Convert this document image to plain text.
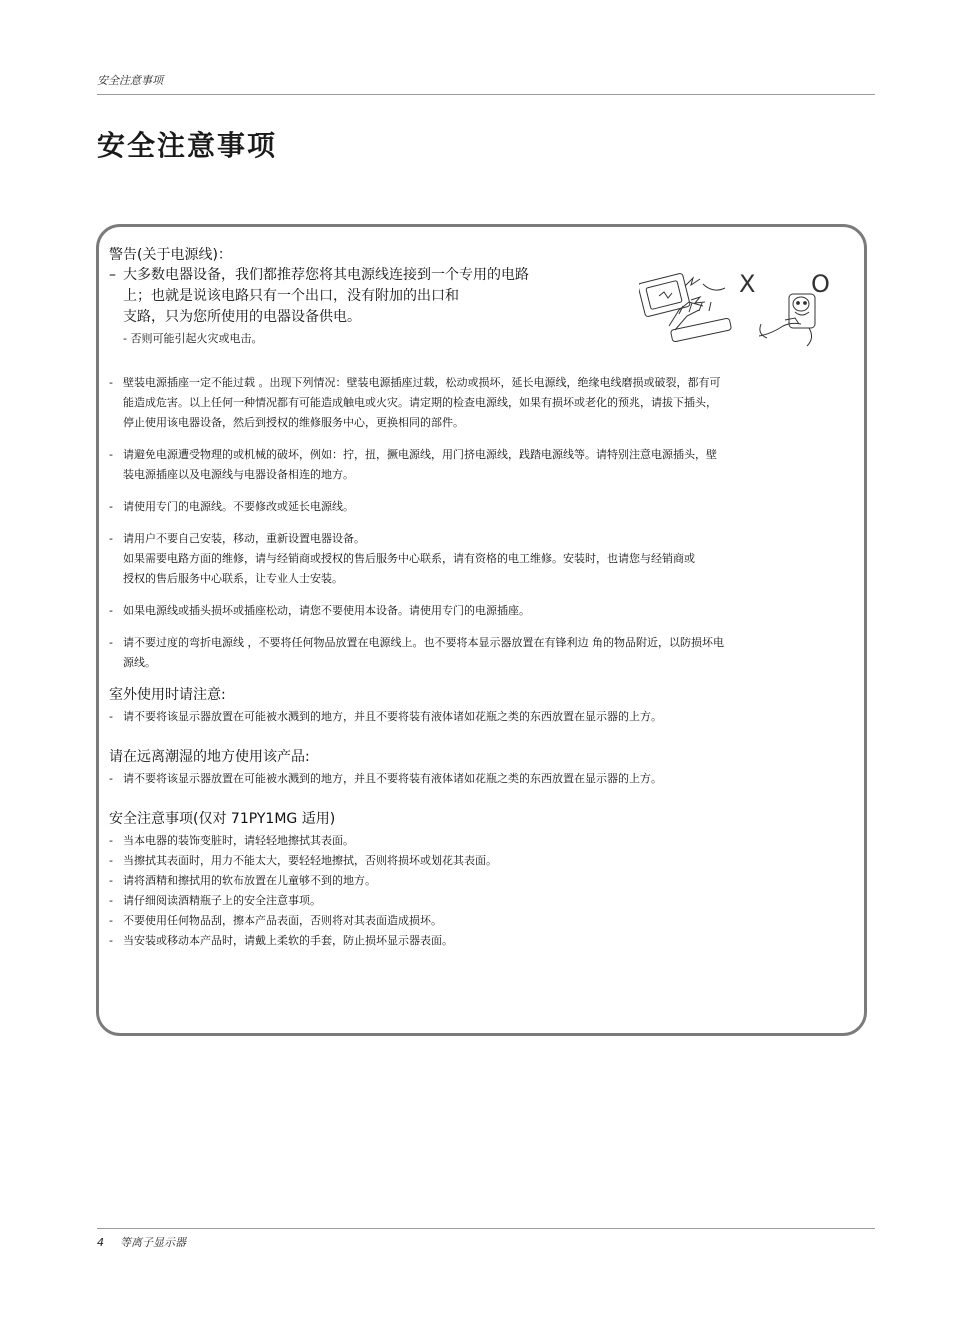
安全注意事项
安全注意事项
警告(关于电源线)：
– 大多数电器设备，我们都推荐您将其电源线连接到一个专用的电路
上；也就是说该电路只有一个出口，没有附加的出口和
支路，只为您所使用的电器设备供电。
- 否则可能引起火灾或电击。
X O
- 壁装电源插座一定不能过载 。出现下列情况：壁装电源插座过载，松动或损坏，延长电源线，绝缘电线磨损或破裂，都有可
能造成危害。以上任何一种情况都有可能造成触电或火灾。请定期的检查电源线，如果有损坏或老化的预兆，请拔下插头，
停止使用该电器设备，然后到授权的维修服务中心，更换相同的部件。
- 请避免电源遭受物理的或机械的破坏，例如：拧，扭，撅电源线，用门挤电源线，践踏电源线等。请特别注意电源插头，壁
装电源插座以及电源线与电器设备相连的地方。
- 请使用专门的电源线。不要修改或延长电源线。
- 请用户不要自己安装，移动，重新设置电器设备。
如果需要电路方面的维修，请与经销商或授权的售后服务中心联系，请有资格的电工维修。安装时，也请您与经销商或
授权的售后服务中心联系，让专业人士安装。
- 如果电源线或插头损坏或插座松动，请您不要使用本设备。请使用专门的电源插座。
- 请不要过度的弯折电源线 ，不要将任何物品放置在电源线上。也不要将本显示器放置在有锋利边 角的物品附近，以防损坏电
源线。
室外使用时请注意:
- 请不要将该显示器放置在可能被水溅到的地方，并且不要将装有液体诸如花瓶之类的东西放置在显示器的上方。
请在远离潮湿的地方使用该产品:
- 请不要将该显示器放置在可能被水溅到的地方，并且不要将装有液体诸如花瓶之类的东西放置在显示器的上方。
安全注意事项(仅对 71PY1MG 适用)
- 当本电器的装饰变脏时，请轻轻地擦拭其表面。
- 当擦拭其表面时，用力不能太大，要轻轻地擦拭，否则将损坏或划花其表面。
- 请将酒精和擦拭用的软布放置在儿童够不到的地方。
- 请仔细阅读酒精瓶子上的安全注意事项。
- 不要使用任何物品刮，擦本产品表面，否则将对其表面造成损坏。
- 当安装或移动本产品时，请戴上柔软的手套，防止损坏显示器表面。
4 等离子显示器
